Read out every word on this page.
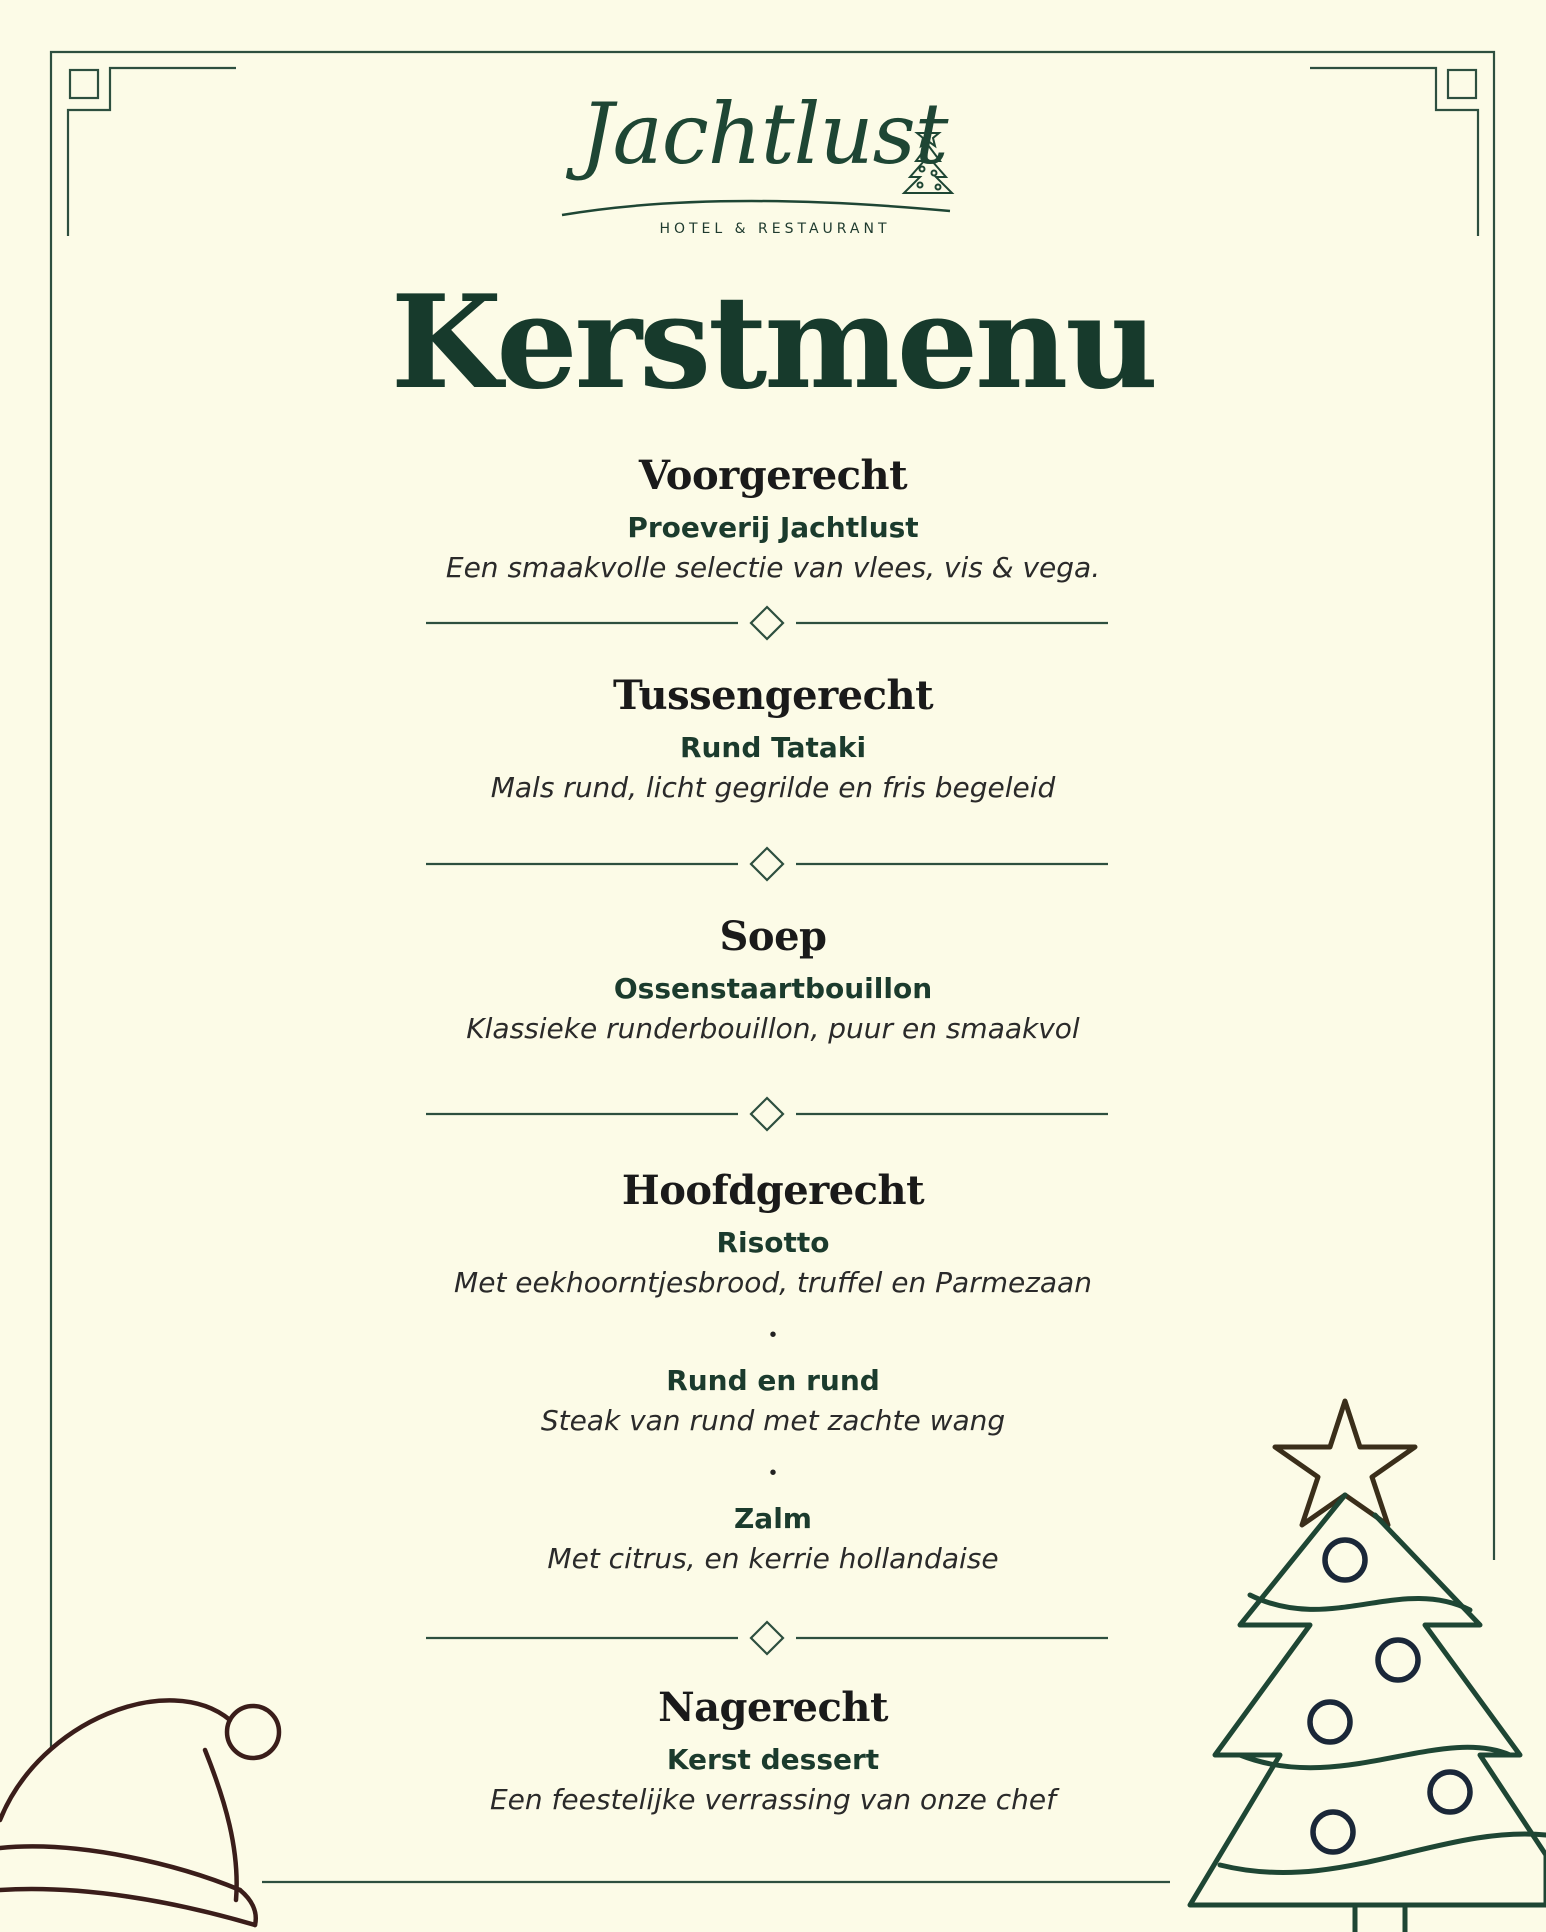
Jachtlust
HOTEL & RESTAURANT
Kerstmenu
Voorgerecht
Proeverij Jachtlust
Een smaakvolle selectie van vlees, vis & vega.
Tussengerecht
Rund Tataki
Mals rund, licht gegrilde en fris begeleid
Soep
Ossenstaartbouillon
Klassieke runderbouillon, puur en smaakvol
Hoofdgerecht
Risotto
Met eekhoorntjesbrood, truffel en Parmezaan
•
Rund en rund
Steak van rund met zachte wang
•
Zalm
Met citrus, en kerrie hollandaise
Nagerecht
Kerst dessert
Een feestelijke verrassing van onze chef
